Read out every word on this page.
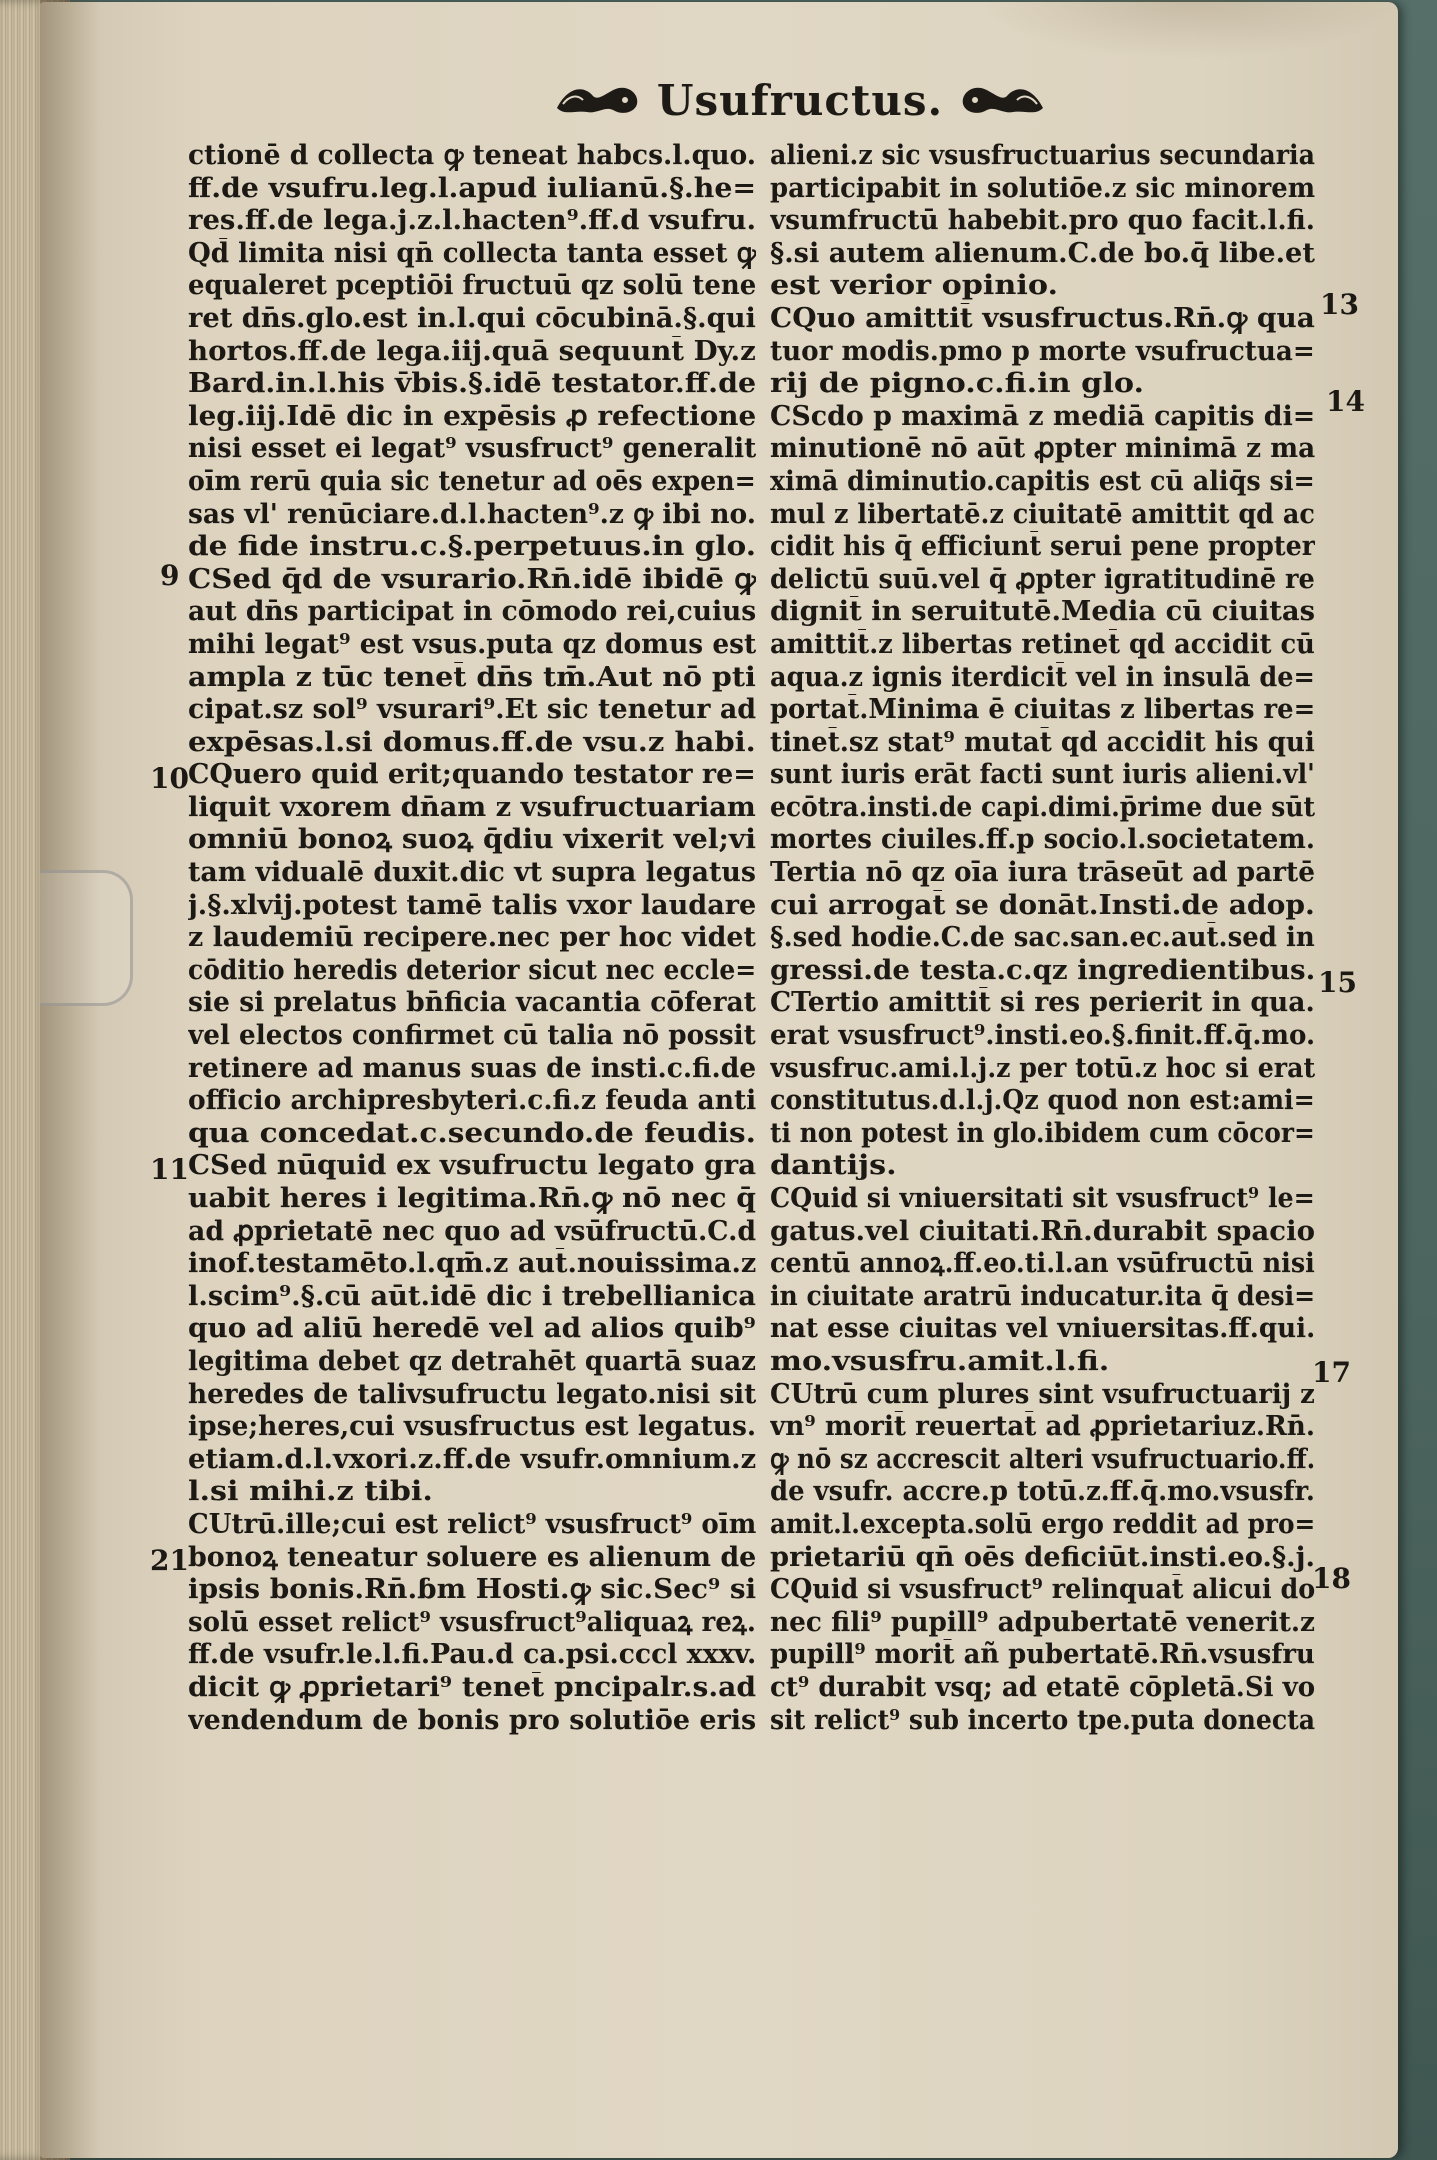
Usufructus.
ctionē d collecta ꝙ teneat habcs.l.quo.
ff.de vsufru.leg.l.apud iulianū.§.he=
res.ff.de lega.j.z.l.hacten⁹.ff.d vsufru.
Qd̄ limita nisi qn̄ collecta tanta esset ꝙ
equaleret pceptiōi fructuū qz solū tene
ret dn̄s.glo.est in.l.qui cōcubinā.§.qui
hortos.ff.de lega.iij.quā sequunt̄ Dy.z
Bard.in.l.his v̄bis.§.idē testator.ff.de
leg.iij.Idē dic in expēsis ꝓ refectione
nisi esset ei legat⁹ vsusfruct⁹ generalit
oīm rerū quia sic tenetur ad oēs expen=
sas vl' renūciare.d.l.hacten⁹.z ꝙ ibi no.
de fide instru.c.§.perpetuus.in glo.
CSed q̄d de vsurario.Rn̄.idē ibidē ꝙ
aut dn̄s participat in cōmodo rei,cuius
mihi legat⁹ est vsus.puta qz domus est
ampla z tūc tenet̄ dn̄s tm̄.Aut nō pti
cipat.sz sol⁹ vsurari⁹.Et sic tenetur ad
expēsas.l.si domus.ff.de vsu.z habi.
CQuero quid erit;quando testator re=
liquit vxorem dn̄am z vsufructuariam
omniū bonoꝝ suoꝝ q̄diu vixerit vel;vi
tam vidualē duxit.dic vt supra legatus
j.§.xlvij.potest tamē talis vxor laudare
z laudemiū recipere.nec per hoc videt
cōditio heredis deterior sicut nec eccle=
sie si prelatus bn̄ficia vacantia cōferat
vel electos confirmet cū talia nō possit
retinere ad manus suas de insti.c.fi.de
officio archipresbyteri.c.fi.z feuda anti
qua concedat.c.secundo.de feudis.
CSed nūquid ex vsufructu legato gra
uabit heres i legitima.Rn̄.ꝙ nō nec q̄
ad ꝓprietatē nec quo ad vsūfructū.C.d
inof.testamēto.l.qm̄.z aut̄.nouissima.z
l.scim⁹.§.cū aūt.idē dic i trebellianica
quo ad aliū heredē vel ad alios quib⁹
legitima debet qz detrahēt quartā suaz
heredes de talivsufructu legato.nisi sit
ipse;heres,cui vsusfructus est legatus.
etiam.d.l.vxori.z.ff.de vsufr.omnium.z
l.si mihi.z tibi.
CUtrū.ille;cui est relict⁹ vsusfruct⁹ oīm
bonoꝝ teneatur soluere es alienum de
ipsis bonis.Rn̄.ɓm Hosti.ꝙ sic.Sec⁹ si
solū esset relict⁹ vsusfruct⁹aliquaꝝ reꝝ.
ff.de vsufr.le.l.fi.Pau.d ca.psi.cccl xxxv.
dicit ꝙ ꝓprietari⁹ tenet̄ pncipalr.s.ad
vendendum de bonis pro solutiōe eris
alieni.z sic vsusfructuarius secundaria
participabit in solutiōe.z sic minorem
vsumfructū habebit.pro quo facit.l.fi.
§.si autem alienum.C.de bo.q̄ libe.et
est verior opinio.
CQuo amittit̄ vsusfructus.Rn̄.ꝙ qua
tuor modis.pmo p morte vsufructua=
rij de pigno.c.fi.in glo.
CScdo p maximā z mediā capitis di=
minutionē nō aūt ꝓpter minimā z ma
ximā diminutio.capitis est cū aliq̄s si=
mul z libertatē.z ciuitatē amittit qd ac
cidit his q̄ efficiunt̄ serui pene propter
delictū suū.vel q̄ ꝓpter igratitudinē re
dignit̄ in seruitutē.Media cū ciuitas
amittit̄.z libertas retinet̄ qd accidit cū
aqua.z ignis iterdicit̄ vel in insulā de=
portat̄.Minima ē ciuitas z libertas re=
tinet̄.sz stat⁹ mutat̄ qd accidit his qui
sunt iuris erāt facti sunt iuris alieni.vl'
ecōtra.insti.de capi.dimi.p̄rime due sūt
mortes ciuiles.ff.p socio.l.societatem.
Tertia nō qz oīa iura trāseūt ad partē
cui arrogat̄ se donāt.Insti.de adop.
§.sed hodie.C.de sac.san.ec.aut̄.sed in
gressi.de testa.c.qz ingredientibus.
CTertio amittit̄ si res perierit in qua.
erat vsusfruct⁹.insti.eo.§.finit.ff.q̄.mo.
vsusfruc.ami.l.j.z per totū.z hoc si erat
constitutus.d.l.j.Qz quod non est:ami=
ti non potest in glo.ibidem cum cōcor=
dantijs.
CQuid si vniuersitati sit vsusfruct⁹ le=
gatus.vel ciuitati.Rn̄.durabit spacio
centū annoꝝ.ff.eo.ti.l.an vsūfructū nisi
in ciuitate aratrū inducatur.ita q̄ desi=
nat esse ciuitas vel vniuersitas.ff.qui.
mo.vsusfru.amit.l.fi.
CUtrū cum plures sint vsufructuarij z
vn⁹ morit̄ reuertat̄ ad ꝓprietariuz.Rn̄.
ꝙ nō sz accrescit alteri vsufructuario.ff.
de vsufr. accre.p totū.z.ff.q̄.mo.vsusfr.
amit.l.excepta.solū ergo reddit ad pro=
prietariū qn̄ oēs deficiūt.insti.eo.§.j.
CQuid si vsusfruct⁹ relinquat̄ alicui do
nec fili⁹ pupill⁹ adpubertatē venerit.z
pupill⁹ morit̄ añ pubertatē.Rn̄.vsusfru
ct⁹ durabit vsq; ad etatē cōpletā.Si vo
sit relict⁹ sub incerto tpe.puta donecta
9
10
11
21
13
14
15
17
18
